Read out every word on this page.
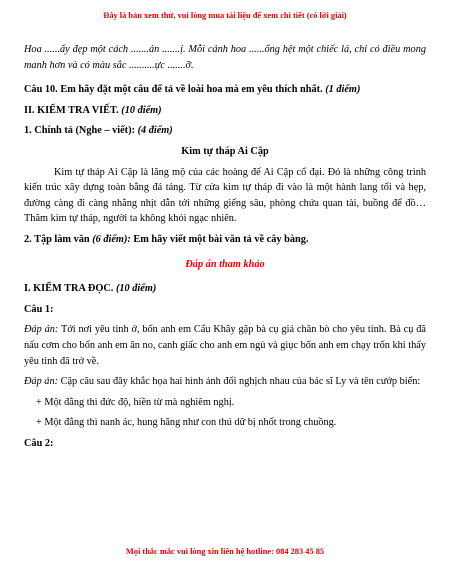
Đây là bản xem thử, vui lòng mua tài liệu để xem chi tiết (có lời giải)

Hoa ......ấy đẹp một cách .......ản .......ị. Mỗi cánh hoa ......ống hệt một chiếc lá, chỉ có điều mong manh hơn và có màu sắc ..........ực .......ỡ.

Câu 10. Em hãy đặt một câu để tả về loài hoa mà em yêu thích nhất. (1 điểm)

II. KIỂM TRA VIẾT. (10 điểm)

1. Chính tả (Nghe – viết): (4 điểm)

Kim tự tháp Ai Cập

Kim tự tháp Ai Cập là lăng mộ của các hoàng đế Ai Cập cổ đại. Đó là những công trình kiến trúc xây dựng toàn bằng đá tảng. Từ cửa kim tự tháp đi vào là một hành lang tối và hẹp, đường càng đi càng nhằng nhịt dẫn tới những giếng sâu, phòng chứa quan tài, buồng để đồ… Thăm kim tự tháp, người ta không khỏi ngạc nhiên.

2. Tập làm văn (6 điểm): Em hãy viết một bài văn tả về cây bàng.

Đáp án tham khảo

I. KIỂM TRA ĐỌC. (10 điểm)

Câu 1:

Đáp án: Tới nơi yêu tinh ở, bốn anh em Cẩu Khây gặp bà cụ giả chăn bò cho yêu tinh. Bà cụ đã nấu cơm cho bốn anh em ăn no, canh giấc cho anh em ngủ và giục bốn anh em chạy trốn khi thấy yêu tinh đã trở về.

Đáp án: Cặp câu sau đây khắc họa hai hình ảnh đối nghịch nhau của bác sĩ Ly và tên cướp biển:

+ Một đằng thì đức độ, hiền từ mà nghiêm nghị.

+ Một đằng thì nanh ác, hung hăng như con thú dữ bị nhốt trong chuồng.

Câu 2:

Mọi thắc mắc vui lòng xin liên hệ hotline: 084 283 45 85
